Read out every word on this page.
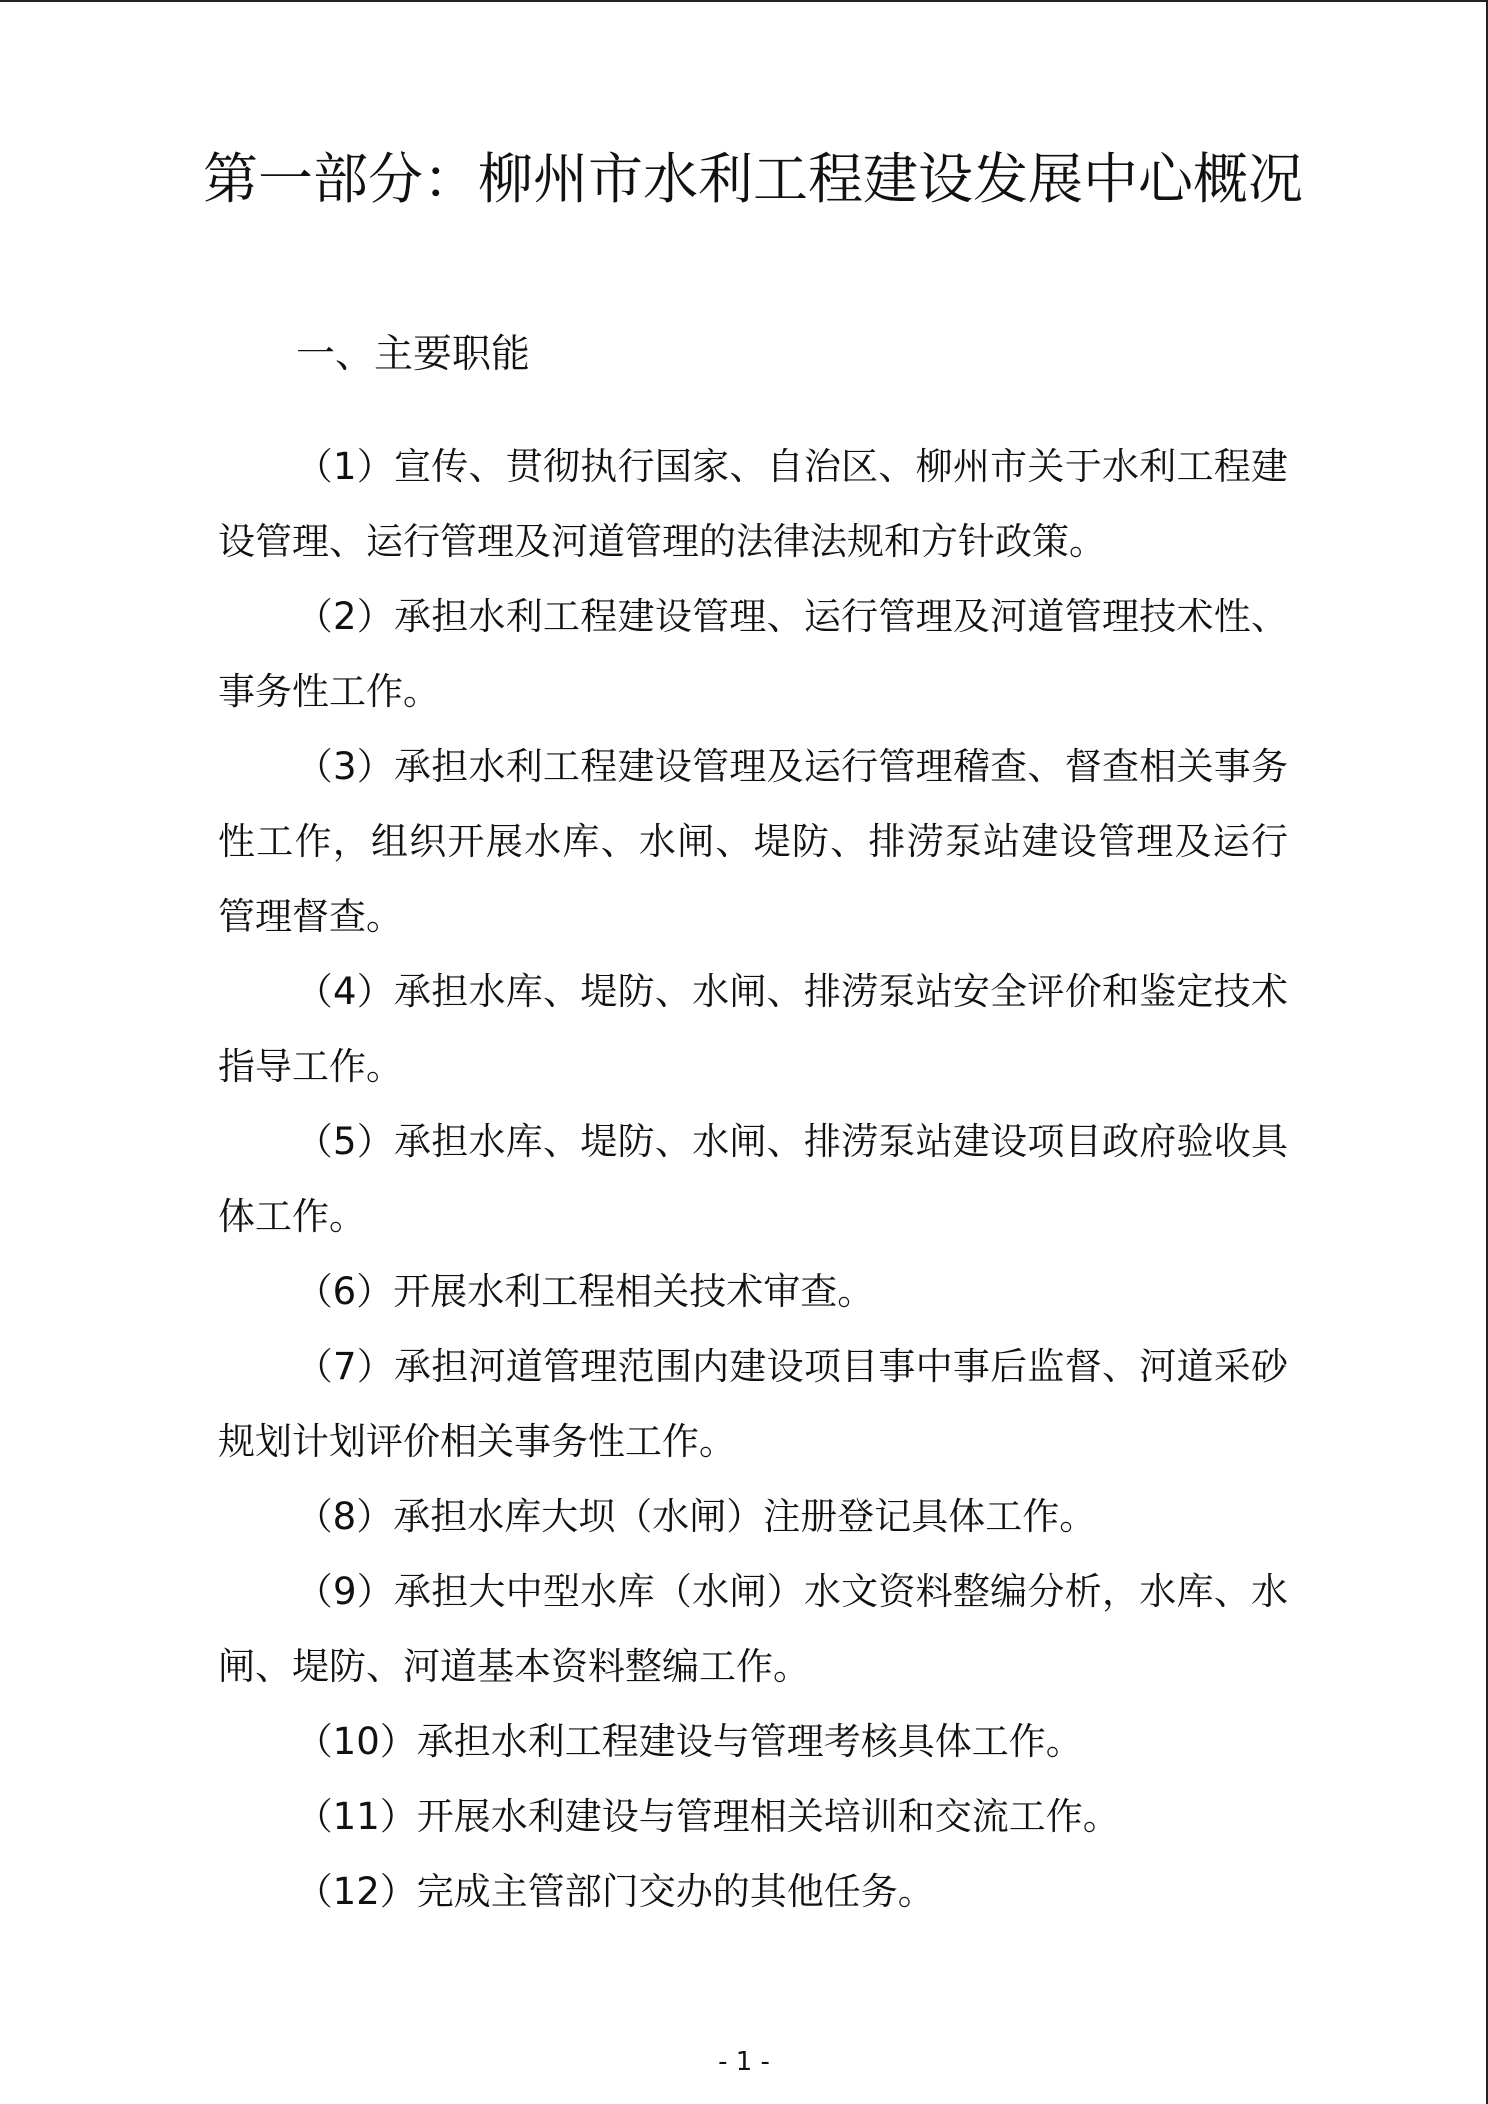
第一部分：柳州市水利工程建设发展中心概况
一、主要职能
（1）宣传、贯彻执行国家、自治区、柳州市关于水利工程建设管理、运行管理及河道管理的法律法规和方针政策。
（2）承担水利工程建设管理、运行管理及河道管理技术性、事务性工作。
（3）承担水利工程建设管理及运行管理稽查、督查相关事务性工作，组织开展水库、水闸、堤防、排涝泵站建设管理及运行管理督查。
（4）承担水库、堤防、水闸、排涝泵站安全评价和鉴定技术指导工作。
（5）承担水库、堤防、水闸、排涝泵站建设项目政府验收具体工作。
（6）开展水利工程相关技术审查。
（7）承担河道管理范围内建设项目事中事后监督、河道采砂规划计划评价相关事务性工作。
（8）承担水库大坝（水闸）注册登记具体工作。
（9）承担大中型水库（水闸）水文资料整编分析，水库、水闸、堤防、河道基本资料整编工作。
（10）承担水利工程建设与管理考核具体工作。
（11）开展水利建设与管理相关培训和交流工作。
（12）完成主管部门交办的其他任务。
- 1 -
